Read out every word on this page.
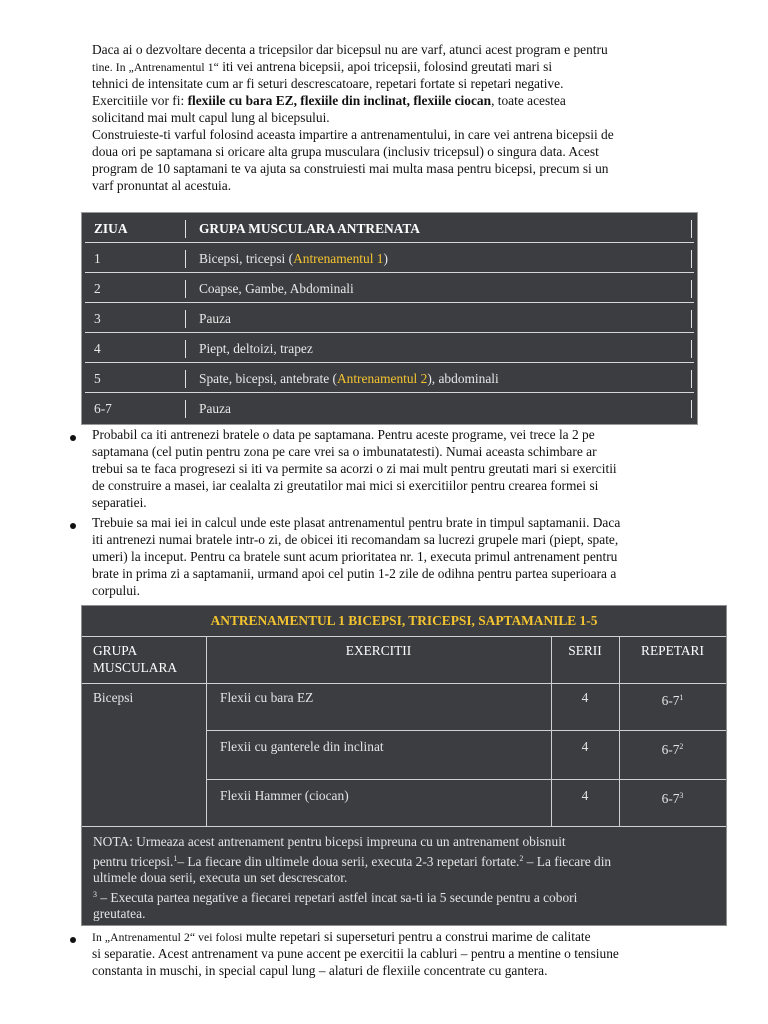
Daca ai o dezvoltare decenta a tricepsilor dar bicepsul nu are varf, atunci acest program e pentru

tine. In „Antrenamentul 1“ iti vei antrena bicepsii, apoi tricepsii, folosind greutati mari si

tehnici de intensitate cum ar fi seturi descrescatoare, repetari fortate si repetari negative.

Exercitiile vor fi: flexiile cu bara EZ, flexiile din inclinat, flexiile ciocan, toate acestea

solicitand mai mult capul lung al bicepsului.

Construieste-ti varful folosind aceasta impartire a antrenamentului, in care vei antrena bicepsii de

doua ori pe saptamana si oricare alta grupa musculara (inclusiv tricepsul) o singura data. Acest

program de 10 saptamani te va ajuta sa construiesti mai multa masa pentru bicepsi, precum si un

varf pronuntat al acestuia.

ZIUA	GRUPA MUSCULARA ANTRENATA
1	Bicepsi, tricepsi (Antrenamentul 1)
2	Coapse, Gambe, Abdominali
3	Pauza
4	Piept, deltoizi, trapez
5	Spate, bicepsi, antebrate (Antrenamentul 2), abdominali
6-7	Pauza

Probabil ca iti antrenezi bratele o data pe saptamana. Pentru aceste programe, vei trece la 2 pe

saptamana (cel putin pentru zona pe care vrei sa o imbunatatesti). Numai aceasta schimbare ar

trebui sa te faca progresezi si iti va permite sa acorzi o zi mai mult pentru greutati mari si exercitii

de construire a masei, iar cealalta zi greutatilor mai mici si exercitiilor pentru crearea formei si

separatiei.

Trebuie sa mai iei in calcul unde este plasat antrenamentul pentru brate in timpul saptamanii. Daca

iti antrenezi numai bratele intr-o zi, de obicei iti recomandam sa lucrezi grupele mari (piept, spate,

umeri) la inceput. Pentru ca bratele sunt acum prioritatea nr. 1, executa primul antrenament pentru

brate in prima zi a saptamanii, urmand apoi cel putin 1-2 zile de odihna pentru partea superioara a

corpului.

ANTRENAMENTUL 1 BICEPSI, TRICEPSI, SAPTAMANILE 1-5
GRUPA
MUSCULARA
EXERCITII	SERII	REPETARI
Bicepsi	Flexii cu bara EZ	4	$6-7^1$
Flexii cu ganterele din inclinat	4	$6-7^2$
Flexii Hammer (ciocan)	4	$6-7^3$
NOTA: Urmeaza acest antrenament pentru bicepsi impreuna cu un antrenament obisnuit
pentru tricepsi.$^1$– La fiecare din ultimele doua serii, executa 2-3 repetari fortate.$^2$ – La fiecare din
ultimele doua serii, executa un set descrescator.
$^3$ – Executa partea negative a fiecarei repetari astfel incat sa-ti ia 5 secunde pentru a cobori
greutatea.

In „Antrenamentul 2“ vei folosi multe repetari si superseturi pentru a construi marime de calitate

si separatie. Acest antrenament va pune accent pe exercitii la cabluri – pentru a mentine o tensiune

constanta in muschi, in special capul lung – alaturi de flexiile concentrate cu gantera.
